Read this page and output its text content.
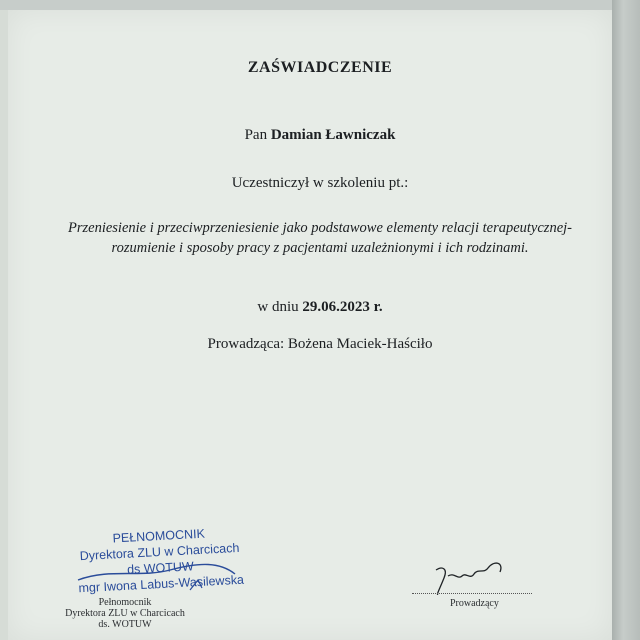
ZAŚWIADCZENIE
Pan Damian Ławniczak
Uczestniczył w szkoleniu pt.:
Przeniesienie i przeciwprzeniesienie jako podstawowe elementy relacji terapeutycznej-
rozumienie i sposoby pracy z pacjentami uzależnionymi i ich rodzinami.
w dniu 29.06.2023 r.
Prowadząca: Bożena Maciek-Haściło
PEŁNOMOCNIK
Dyrektora ZLU w Charcicach
ds WOTUW
mgr Iwona Labus-Wasilewska
Pełnomocnik
Dyrektora ZLU w Charcicach
ds. WOTUW
Prowadzący
